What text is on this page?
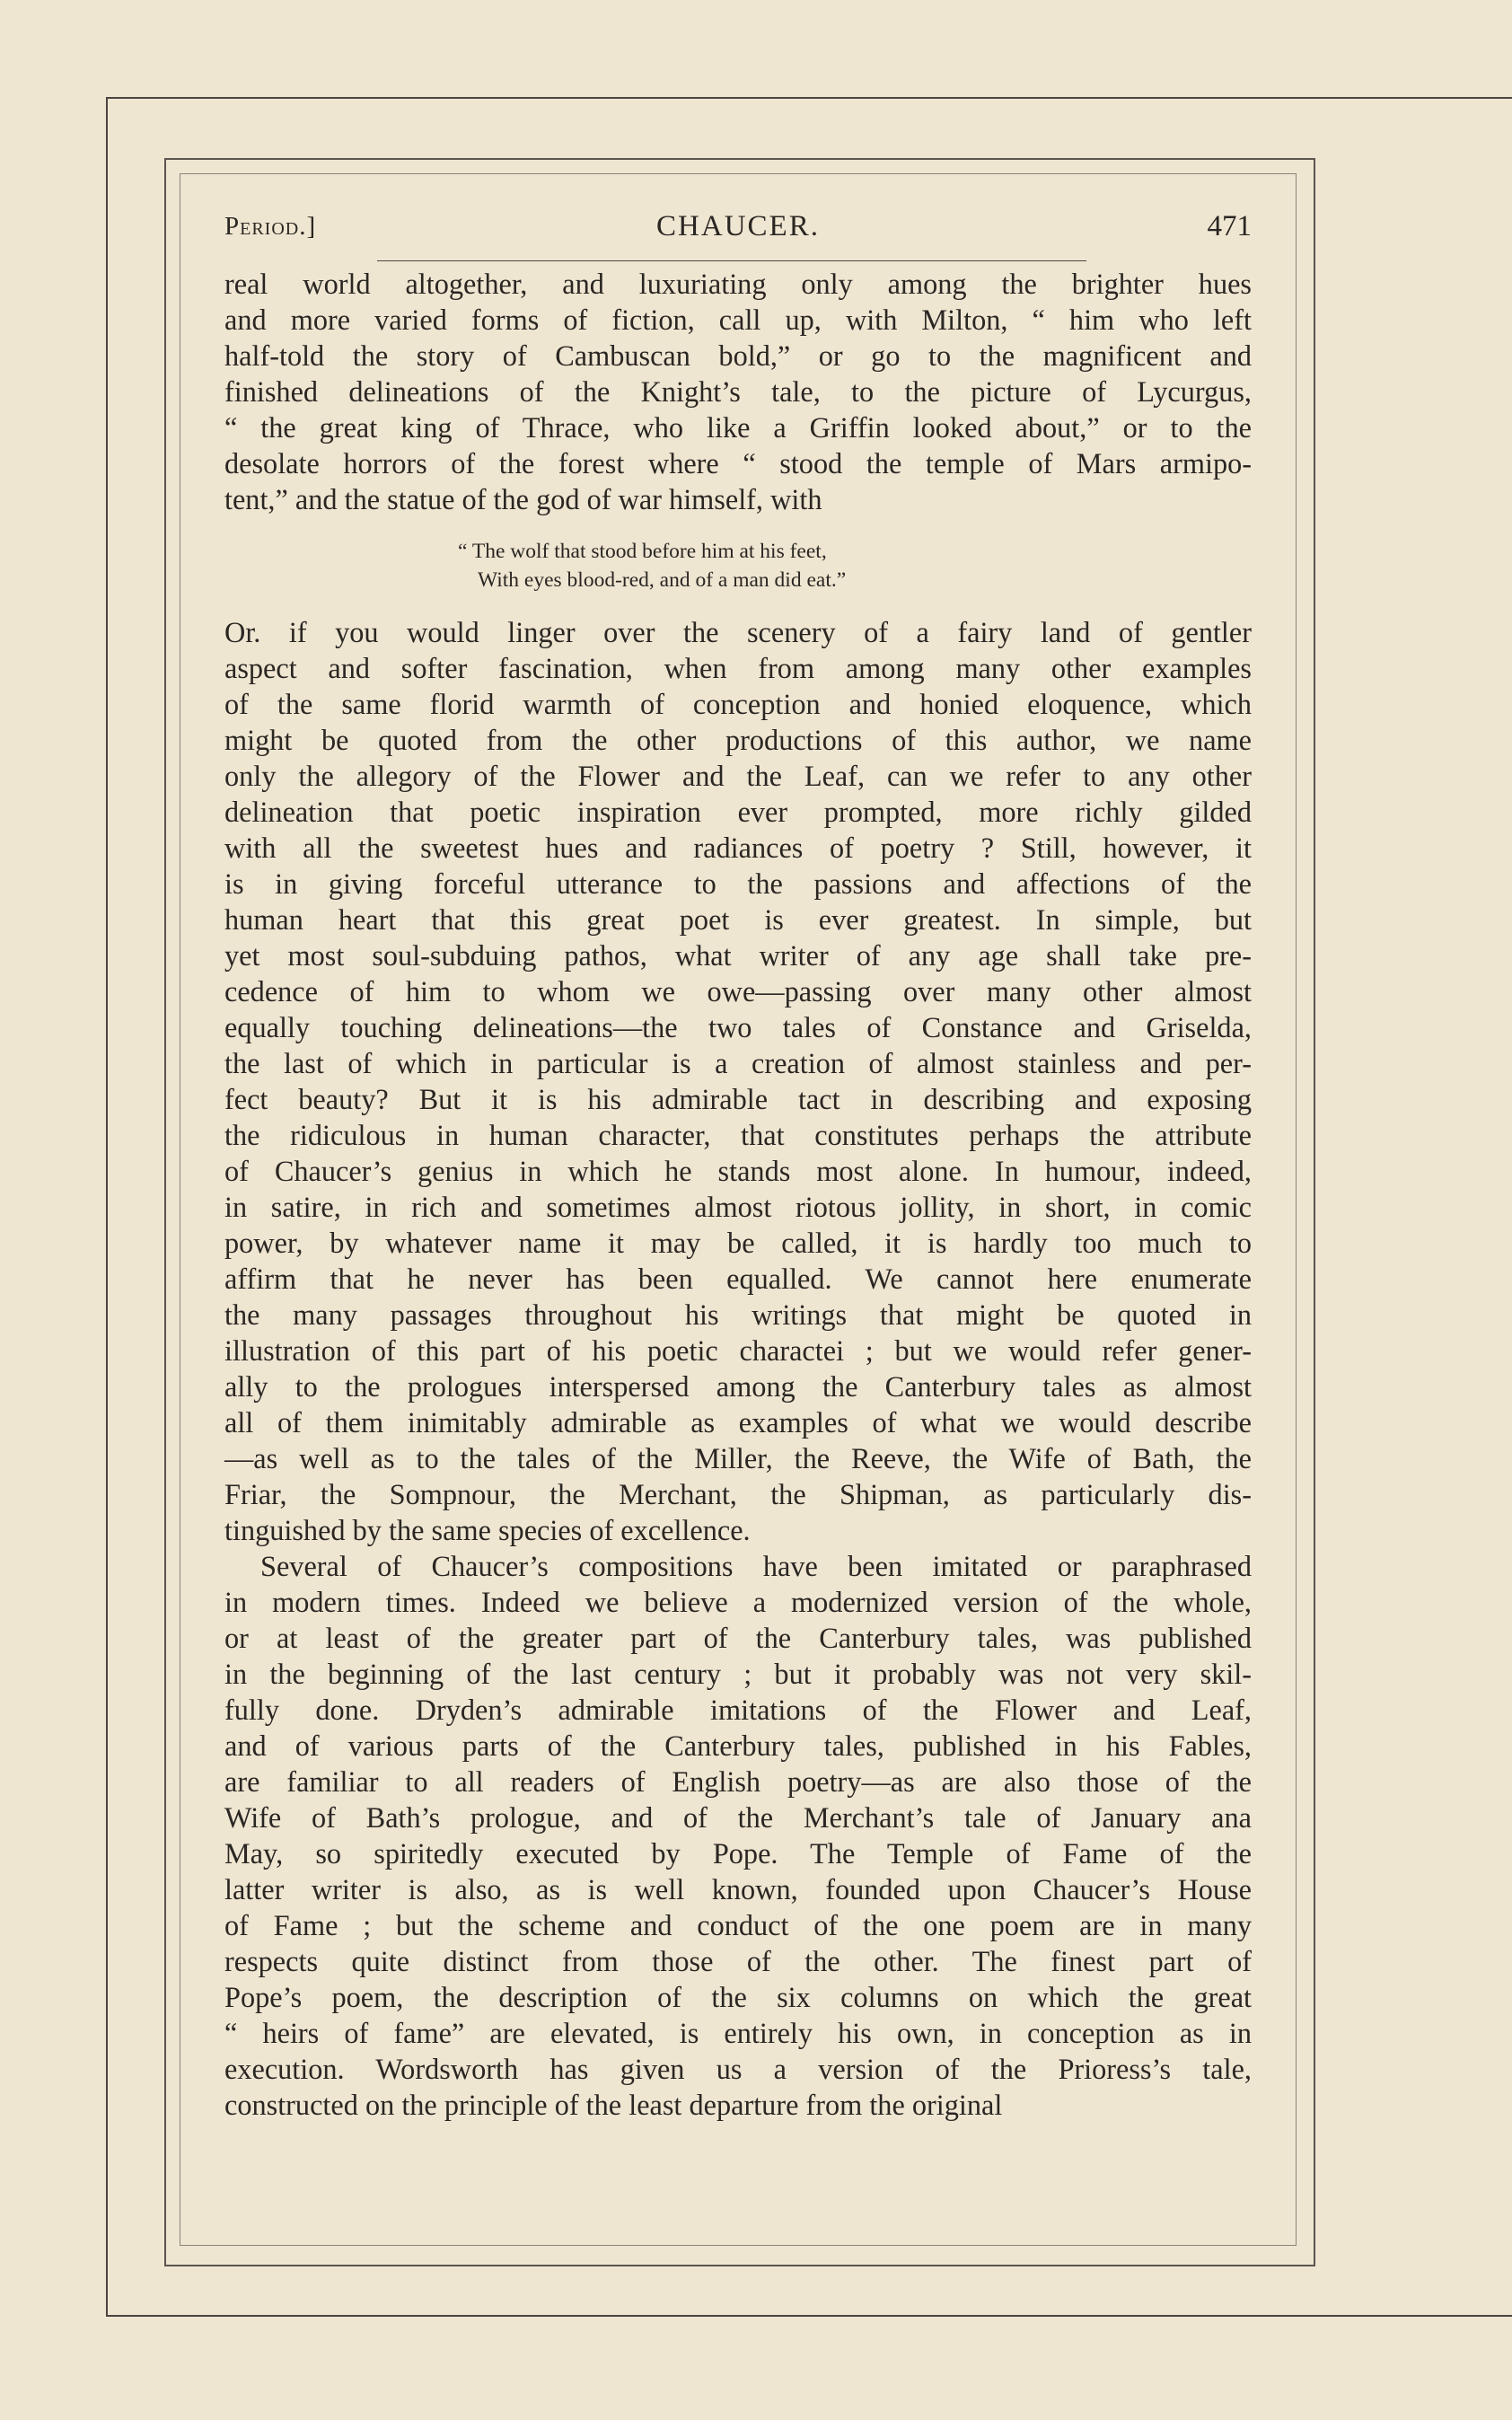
Period.]	CHAUCER.	471

real world altogether, and luxuriating only among the brighter hues

and more varied forms of fiction, call up, with Milton, “ him who left

half-told the story of Cambuscan bold,” or go to the magnificent and

finished delineations of the Knight’s tale, to the picture of Lycurgus,

“ the great king of Thrace, who like a Griffin looked about,” or to the

desolate horrors of the forest where “ stood the temple of Mars armipo-

tent,” and the statue of the god of war himself, with

“ The wolf that stood before him at his feet,
With eyes blood-red, and of a man did eat.”

Or. if you would linger over the scenery of a fairy land of gentler

aspect and softer fascination, when from among many other examples

of the same florid warmth of conception and honied eloquence, which

might be quoted from the other productions of this author, we name

only the allegory of the Flower and the Leaf, can we refer to any other

delineation that poetic inspiration ever prompted, more richly gilded

with all the sweetest hues and radiances of poetry ? Still, however, it

is in giving forceful utterance to the passions and affections of the

human heart that this great poet is ever greatest. In simple, but

yet most soul-subduing pathos, what writer of any age shall take pre-

cedence of him to whom we owe—passing over many other almost

equally touching delineations—the two tales of Constance and Griselda,

the last of which in particular is a creation of almost stainless and per-

fect beauty? But it is his admirable tact in describing and exposing

the ridiculous in human character, that constitutes perhaps the attribute

of Chaucer’s genius in which he stands most alone. In humour, indeed,

in satire, in rich and sometimes almost riotous jollity, in short, in comic

power, by whatever name it may be called, it is hardly too much to

affirm that he never has been equalled. We cannot here enumerate

the many passages throughout his writings that might be quoted in

illustration of this part of his poetic charactei ; but we would refer gener-

ally to the prologues interspersed among the Canterbury tales as almost

all of them inimitably admirable as examples of what we would describe

—as well as to the tales of the Miller, the Reeve, the Wife of Bath, the

Friar, the Sompnour, the Merchant, the Shipman, as particularly dis-

tinguished by the same species of excellence.

Several of Chaucer’s compositions have been imitated or paraphrased

in modern times. Indeed we believe a modernized version of the whole,

or at least of the greater part of the Canterbury tales, was published

in the beginning of the last century ; but it probably was not very skil-

fully done. Dryden’s admirable imitations of the Flower and Leaf,

and of various parts of the Canterbury tales, published in his Fables,

are familiar to all readers of English poetry—as are also those of the

Wife of Bath’s prologue, and of the Merchant’s tale of January ana

May, so spiritedly executed by Pope. The Temple of Fame of the

latter writer is also, as is well known, founded upon Chaucer’s House

of Fame ; but the scheme and conduct of the one poem are in many

respects quite distinct from those of the other. The finest part of

Pope’s poem, the description of the six columns on which the great

“ heirs of fame” are elevated, is entirely his own, in conception as in

execution. Wordsworth has given us a version of the Prioress’s tale,

constructed on the principle of the least departure from the original
